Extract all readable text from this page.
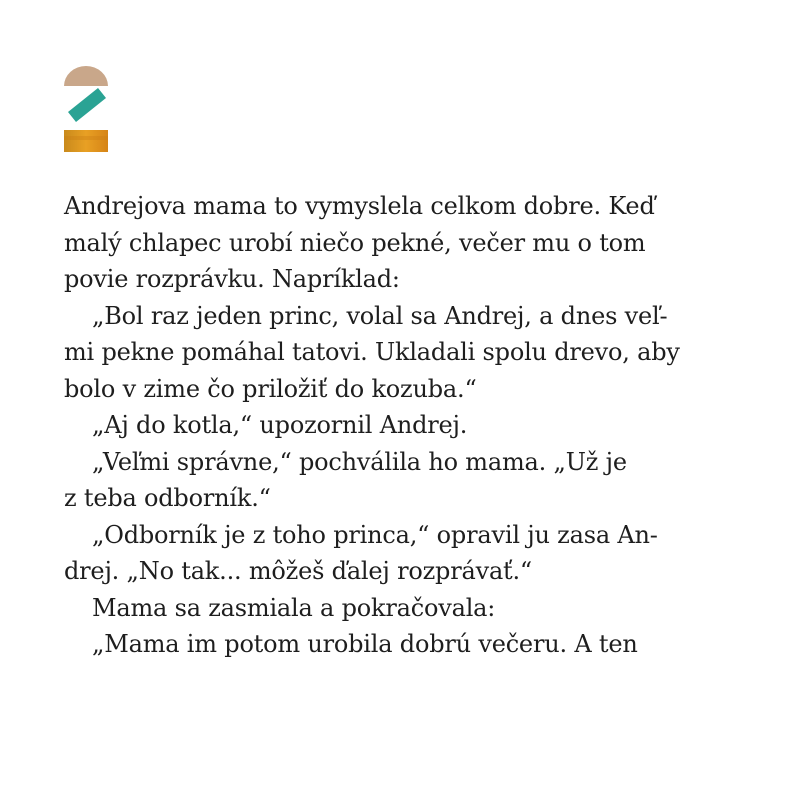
Andrejova mama to vymyslela celkom dobre. Keď
malý chlapec urobí niečo pekné, večer mu o tom
povie rozprávku. Napríklad:
„Bol raz jeden princ, volal sa Andrej, a dnes veľ-
mi pekne pomáhal tatovi. Ukladali spolu drevo, aby
bolo v zime čo priložiť do kozuba.“
„Aj do kotla,“ upozornil Andrej.
„Veľmi správne,“ pochválila ho mama. „Už je
z teba odborník.“
„Odborník je z toho princa,“ opravil ju zasa An-
drej. „No tak... môžeš ďalej rozprávať.“
Mama sa zasmiala a pokračovala:
„Mama im potom urobila dobrú večeru. A ten
